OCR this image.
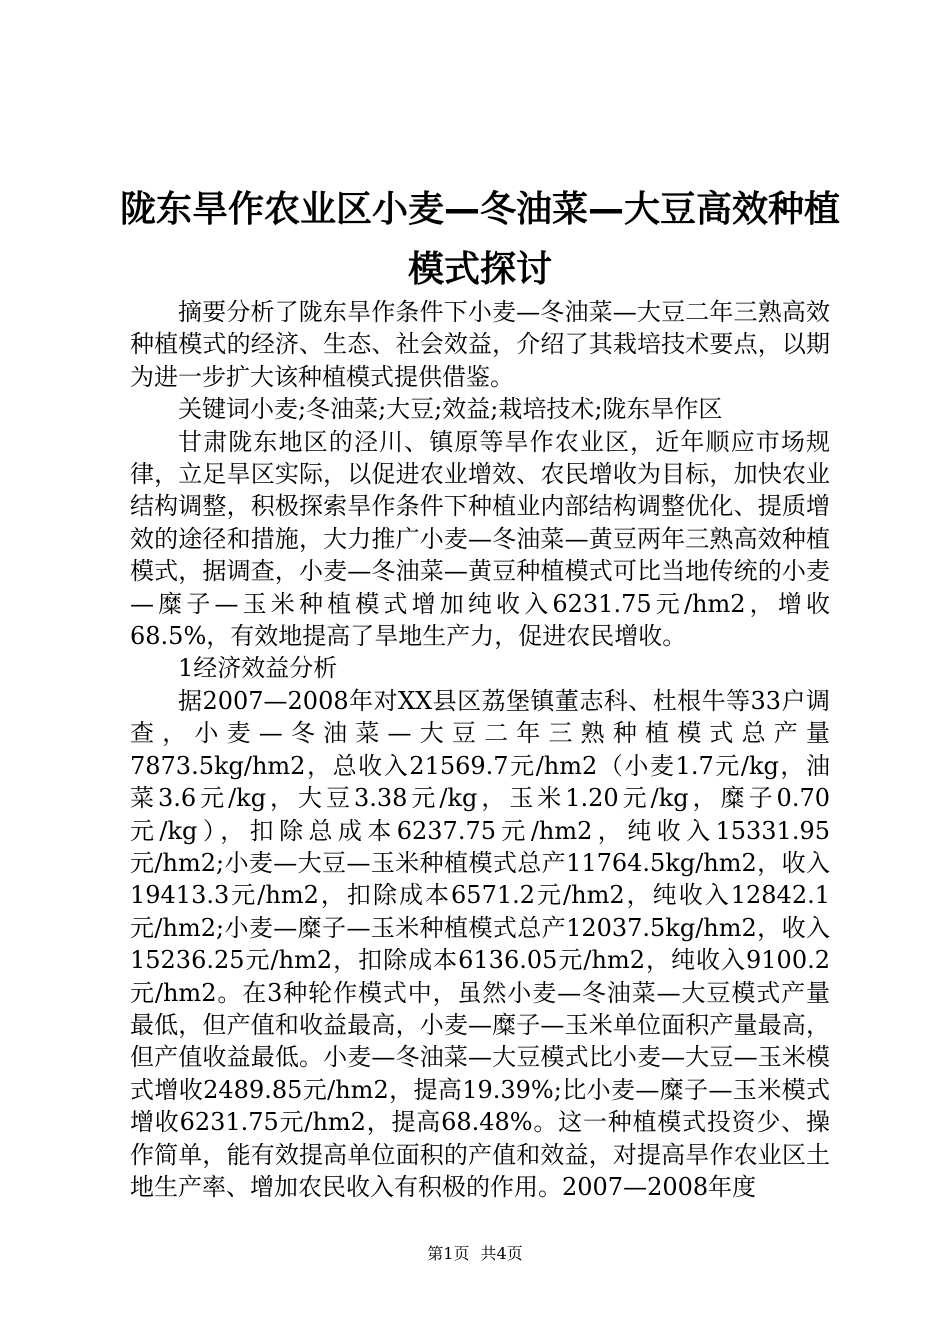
陇东旱作农业区小麦—冬油菜—大豆高效种植模式探讨

摘要分析了陇东旱作条件下小麦—冬油菜—大豆二年三熟高效种植模式的经济、生态、社会效益，介绍了其栽培技术要点，以期为进一步扩大该种植模式提供借鉴。

关键词小麦;冬油菜;大豆;效益;栽培技术;陇东旱作区

甘肃陇东地区的泾川、镇原等旱作农业区，近年顺应市场规律，立足旱区实际，以促进农业增效、农民增收为目标，加快农业结构调整，积极探索旱作条件下种植业内部结构调整优化、提质增效的途径和措施，大力推广小麦—冬油菜—黄豆两年三熟高效种植模式，据调查，小麦—冬油菜—黄豆种植模式可比当地传统的小麦—糜子—玉米种植模式增加纯收入6231.75元/hm2，增收68.5%，有效地提高了旱地生产力，促进农民增收。

1经济效益分析

据2007—2008年对XX县区荔堡镇董志科、杜根牛等33户调查，小麦—冬油菜—大豆二年三熟种植模式总产量7873.5kg/hm2，总收入21569.7元/hm2（小麦1.7元/kg，油菜3.6元/kg，大豆3.38元/kg，玉米1.20元/kg，糜子0.70元/kg），扣除总成本6237.75元/hm2，纯收入15331.95元/hm2;小麦—大豆—玉米种植模式总产11764.5kg/hm2，收入19413.3元/hm2，扣除成本6571.2元/hm2，纯收入12842.1元/hm2;小麦—糜子—玉米种植模式总产12037.5kg/hm2，收入15236.25元/hm2，扣除成本6136.05元/hm2，纯收入9100.2元/hm2。在3种轮作模式中，虽然小麦—冬油菜—大豆模式产量最低，但产值和收益最高，小麦—糜子—玉米单位面积产量最高，但产值收益最低。小麦—冬油菜—大豆模式比小麦—大豆—玉米模式增收2489.85元/hm2，提高19.39%;比小麦—糜子—玉米模式增收6231.75元/hm2，提高68.48%。这一种植模式投资少、操作简单，能有效提高单位面积的产值和效益，对提高旱作农业区土地生产率、增加农民收入有积极的作用。2007—2008年度

第1页 共4页
